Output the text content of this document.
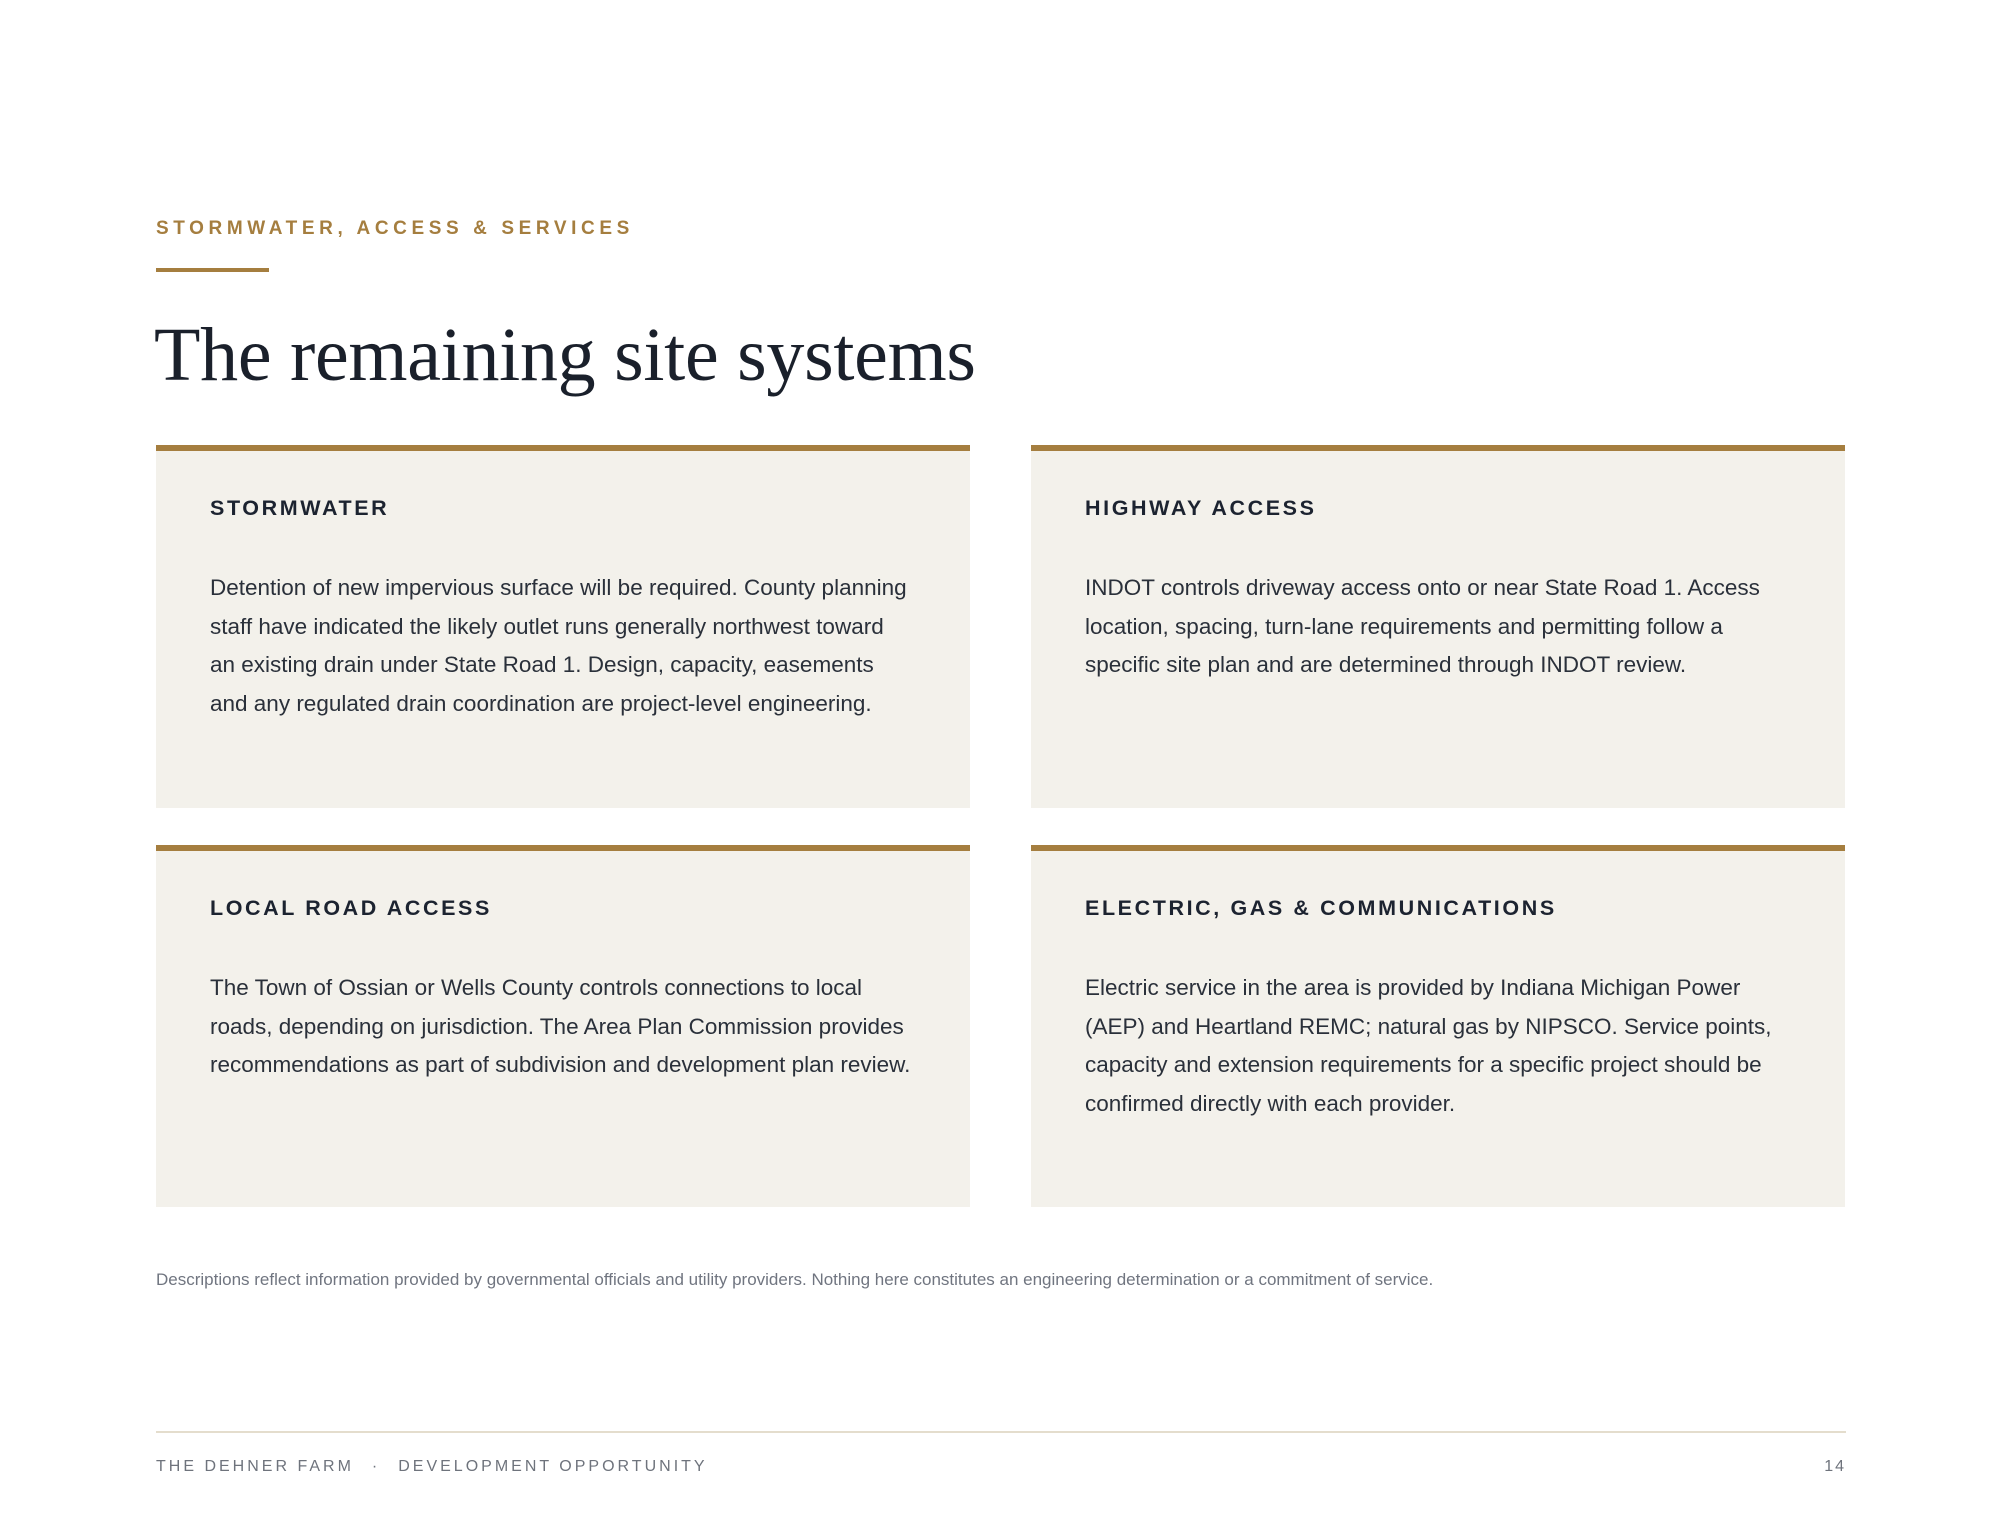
STORMWATER, ACCESS & SERVICES
The remaining site systems
STORMWATER

Detention of new impervious surface will be required. County planning staff have indicated the likely outlet runs generally northwest toward an existing drain under State Road 1. Design, capacity, easements and any regulated drain coordination are project-level engineering.

HIGHWAY ACCESS

INDOT controls driveway access onto or near State Road 1. Access location, spacing, turn-lane requirements and permitting follow a specific site plan and are determined through INDOT review.

LOCAL ROAD ACCESS

The Town of Ossian or Wells County controls connections to local roads, depending on jurisdiction. The Area Plan Commission provides recommendations as part of subdivision and development plan review.

ELECTRIC, GAS & COMMUNICATIONS

Electric service in the area is provided by Indiana Michigan Power (AEP) and Heartland REMC; natural gas by NIPSCO. Service points, capacity and extension requirements for a specific project should be confirmed directly with each provider.

Descriptions reflect information provided by governmental officials and utility providers. Nothing here constitutes an engineering determination or a commitment of service.
THE DEHNER FARM · DEVELOPMENT OPPORTUNITY	14
